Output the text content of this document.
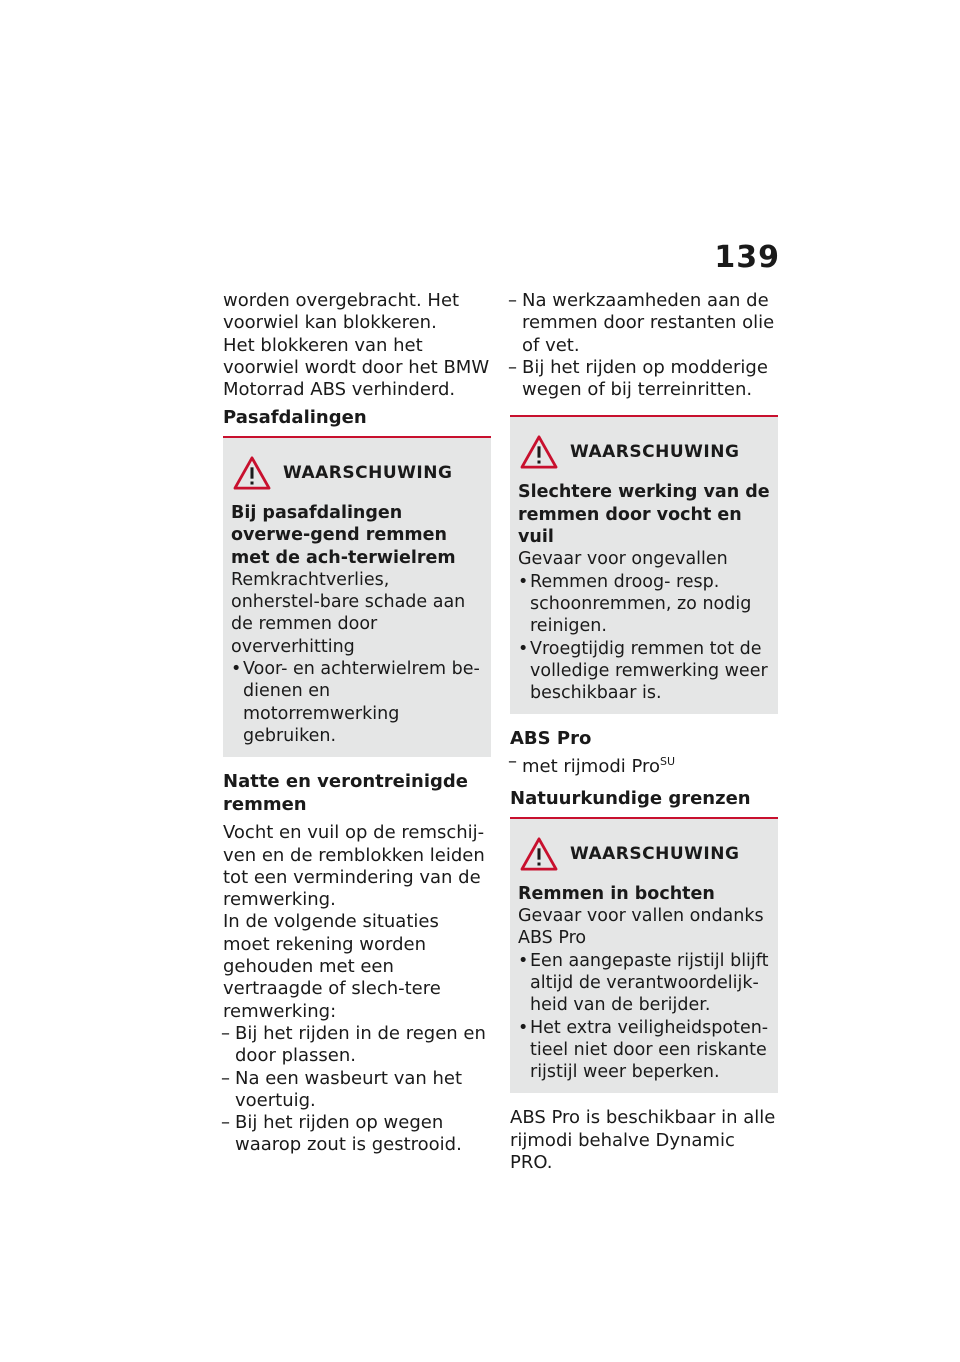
139

worden overgebracht. Het voorwiel kan blokkeren.

Het blokkeren van het voorwiel wordt door het BMW Motorrad ABS verhinderd.

Pasafdalingen
WAARSCHUWING
Bij pasafdalingen overwe-gend remmen met de ach-terwielrem
Remkrachtverlies, onherstel-bare schade aan de remmen door oververhitting
• Voor- en achterwielrem be-dienen en motorremwerking gebruiken.
Natte en verontreinigde remmen

Vocht en vuil op de remschij-ven en de remblokken leiden tot een vermindering van de remwerking.

In de volgende situaties moet rekening worden gehouden met een vertraagde of slech-tere remwerking:

– Bij het rijden in de regen en door plassen.
– Na een wasbeurt van het voertuig.
– Bij het rijden op wegen waarop zout is gestrooid.
– Na werkzaamheden aan de remmen door restanten olie of vet.
– Bij het rijden op modderige wegen of bij terreinritten.
WAARSCHUWING
Slechtere werking van de remmen door vocht en vuil
Gevaar voor ongevallen
• Remmen droog- resp. schoonremmen, zo nodig reinigen.
• Vroegtijdig remmen tot de volledige remwerking weer beschikbaar is.
ABS Pro
– met rijmodi Pro$^{SU}$
Natuurkundige grenzen
WAARSCHUWING
Remmen in bochten
Gevaar voor vallen ondanks ABS Pro
• Een aangepaste rijstijl blijft altijd de verantwoordelijk-heid van de berijder.
• Het extra veiligheidspoten-tieel niet door een riskante rijstijl weer beperken.

ABS Pro is beschikbaar in alle rijmodi behalve Dynamic PRO.
